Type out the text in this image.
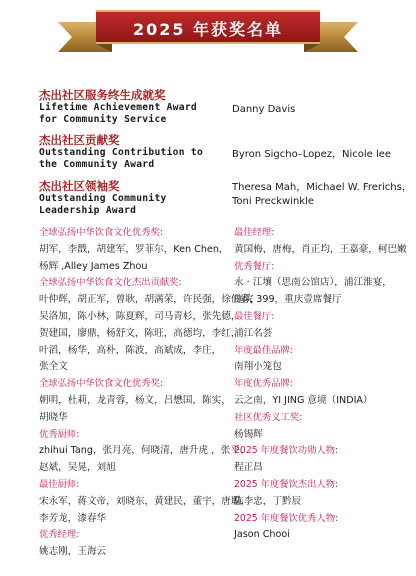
2025 年获奖名单
杰出社区服务终生成就奖
Lifetime Achievement Award
for Community Service
Danny Davis
杰出社区贡献奖
Outstanding Contribution to
the Community Award
Byron Sigcho–Lopez，Nicole lee
杰出社区领袖奖
Outstanding Community
Leadership Award
Theresa Mah，Michael W. Frerichs，
Toni Preckwinkle
全球弘扬中华饮食文化优秀奖:
胡军，李戬，胡建军，罗菲尔，Ken Chen，
杨辉 ,Alley James Zhou
全球弘扬中华饮食文化杰出贡献奖:
叶仲辉，胡正军，曾耿，胡满荣，许民强，徐伯春，
吴洛加，陈小林，陈夏辉，司马青杉，张先德，
贺建国，廖鼎，杨舒文，陈旺，高德均，李红，
叶滔，杨华，高朴，陈波，高斌成，李庄，
张全文
全球弘扬中华饮食文化优秀奖:
朝明，杜莉，龙青蓉，杨文，吕懋国，陈实，
胡晓华
优秀厨师:
zhihui Tang，张月亮，何晓清，唐升虎 ，张平、
赵斌，吴晃，刘旭
最佳厨师:
宋永军，蒋文帝，刘晓东，黄建民，董宇，唐聪，
李芳龙，漆春华
优秀经理:
姚志刚，王海云
最佳经理:
黄国梅，唐梅，肖正均，王嘉豪，柯巴嫩
优秀餐厅:
永 · 江壤（思南公馆店），浦江淮宴，
庭院 399，重庆壹席餐厅
最佳餐厅:
浦江名荟
年度最佳品牌:
南翔小笼包
年度优秀品牌:
云之南，YI JING 意境（INDIA）
社区优秀义工奖:
杨锡辉
2025 年度餐饮功勋人物:
程正昌
2025 年度餐饮杰出人物:
陈李忠，丁黔辰
2025 年度餐饮优秀人物:
Jason Chooi
